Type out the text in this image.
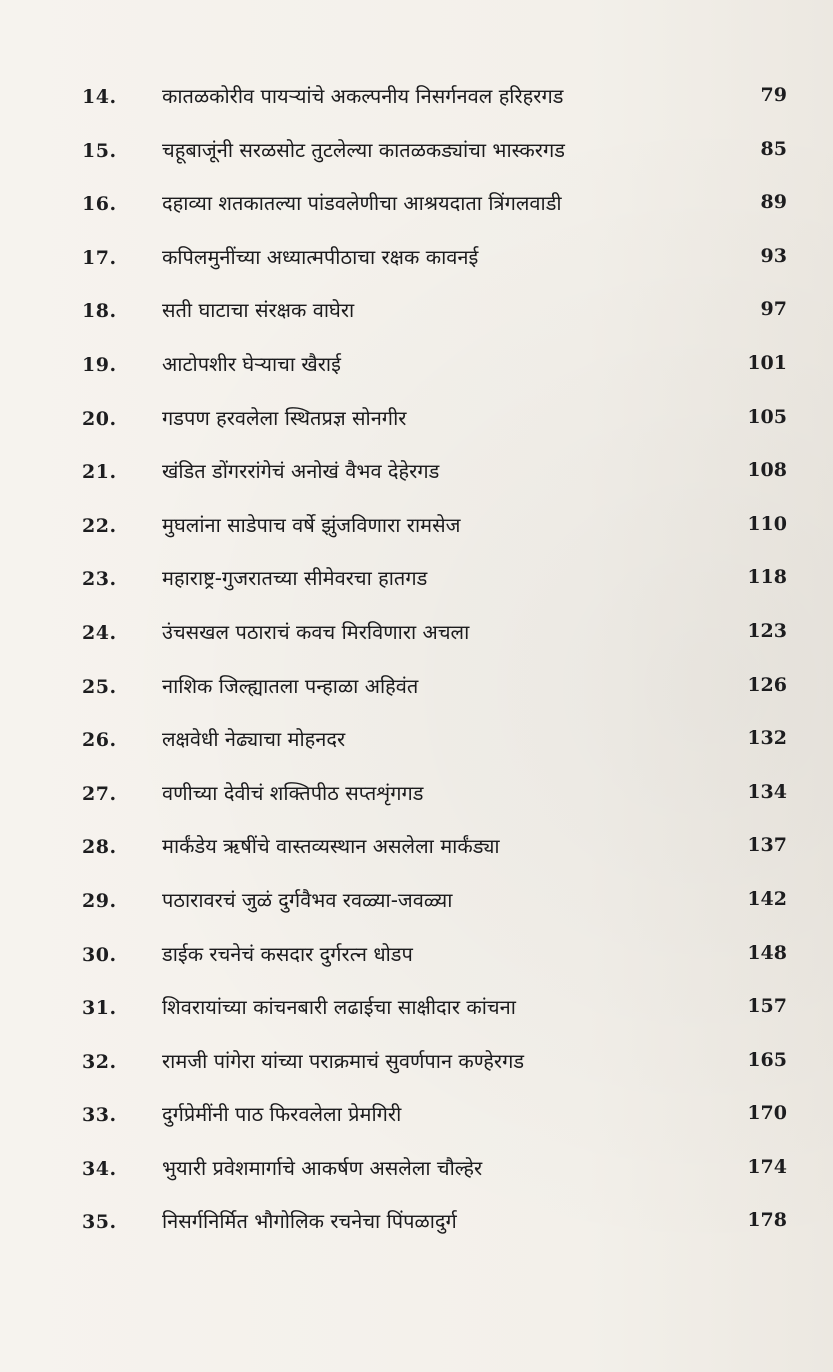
14. कातळकोरीव पायऱ्यांचे अकल्पनीय निसर्गनवल हरिहरगड	79
15. चहूबाजूंनी सरळसोट तुटलेल्या कातळकड्यांचा भास्करगड	85
16. दहाव्या शतकातल्या पांडवलेणीचा आश्रयदाता त्रिंगलवाडी	89
17. कपिलमुनींच्या अध्यात्मपीठाचा रक्षक कावनई	93
18. सती घाटाचा संरक्षक वाघेरा	97
19. आटोपशीर घेऱ्याचा खैराई	101
20. गडपण हरवलेला स्थितप्रज्ञ सोनगीर	105
21. खंडित डोंगररांगेचं अनोखं वैभव देहेरगड	108
22. मुघलांना साडेपाच वर्षे झुंजविणारा रामसेज	110
23. महाराष्ट्र-गुजरातच्या सीमेवरचा हातगड	118
24. उंचसखल पठाराचं कवच मिरविणारा अचला	123
25. नाशिक जिल्ह्यातला पन्हाळा अहिवंत	126
26. लक्षवेधी नेढ्याचा मोहनदर	132
27. वणीच्या देवीचं शक्तिपीठ सप्तशृंगगड	134
28. मार्कंडेय ऋषींचे वास्तव्यस्थान असलेला मार्कंड्या	137
29. पठारावरचं जुळं दुर्गवैभव रवळ्या-जवळ्या	142
30. डाईक रचनेचं कसदार दुर्गरत्न धोडप	148
31. शिवरायांच्या कांचनबारी लढाईचा साक्षीदार कांचना	157
32. रामजी पांगेरा यांच्या पराक्रमाचं सुवर्णपान कण्हेरगड	165
33. दुर्गप्रेमींनी पाठ फिरवलेला प्रेमगिरी	170
34. भुयारी प्रवेशमार्गाचे आकर्षण असलेला चौल्हेर	174
35. निसर्गनिर्मित भौगोलिक रचनेचा पिंपळादुर्ग	178
